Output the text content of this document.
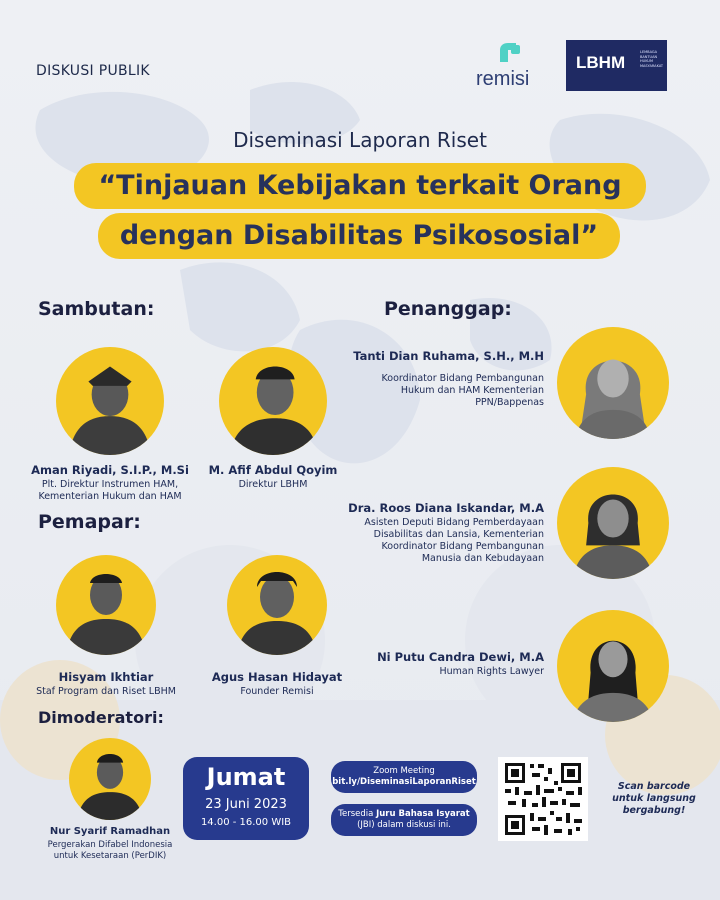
DISKUSI PUBLIK	remisi
LBHM
LEMBAGA BANTUAN HUKUM MASYARAKAT
Diseminasi Laporan Riset
“Tinjauan Kebijakan terkait Orang
dengan Disabilitas Psikososial”
Sambutan:	Penanggap:
Pemapar:
Dimoderatori:
Aman Riyadi, S.I.P., M.Si
Plt. Direktur Instrumen HAM,
Kementerian Hukum dan HAM
M. Afif Abdul Qoyim
Direktur LBHM
Hisyam Ikhtiar
Staf Program dan Riset LBHM
Agus Hasan Hidayat
Founder Remisi
Tanti Dian Ruhama, S.H., M.H
Koordinator Bidang Pembangunan
Hukum dan HAM Kementerian
PPN/Bappenas
Dra. Roos Diana Iskandar, M.A
Asisten Deputi Bidang Pemberdayaan
Disabilitas dan Lansia, Kementerian
Koordinator Bidang Pembangunan
Manusia dan Kebudayaan
Ni Putu Candra Dewi, M.A
Human Rights Lawyer
Nur Syarif Ramadhan
Pergerakan Difabel Indonesia
untuk Kesetaraan (PerDIK)
Jumat
23 Juni 2023
14.00 - 16.00 WIB
Zoom Meeting
bit.ly/DiseminasiLaporanRiset
Tersedia Juru Bahasa Isyarat
(JBI) dalam diskusi ini.
Scan barcode
untuk langsung
bergabung!
